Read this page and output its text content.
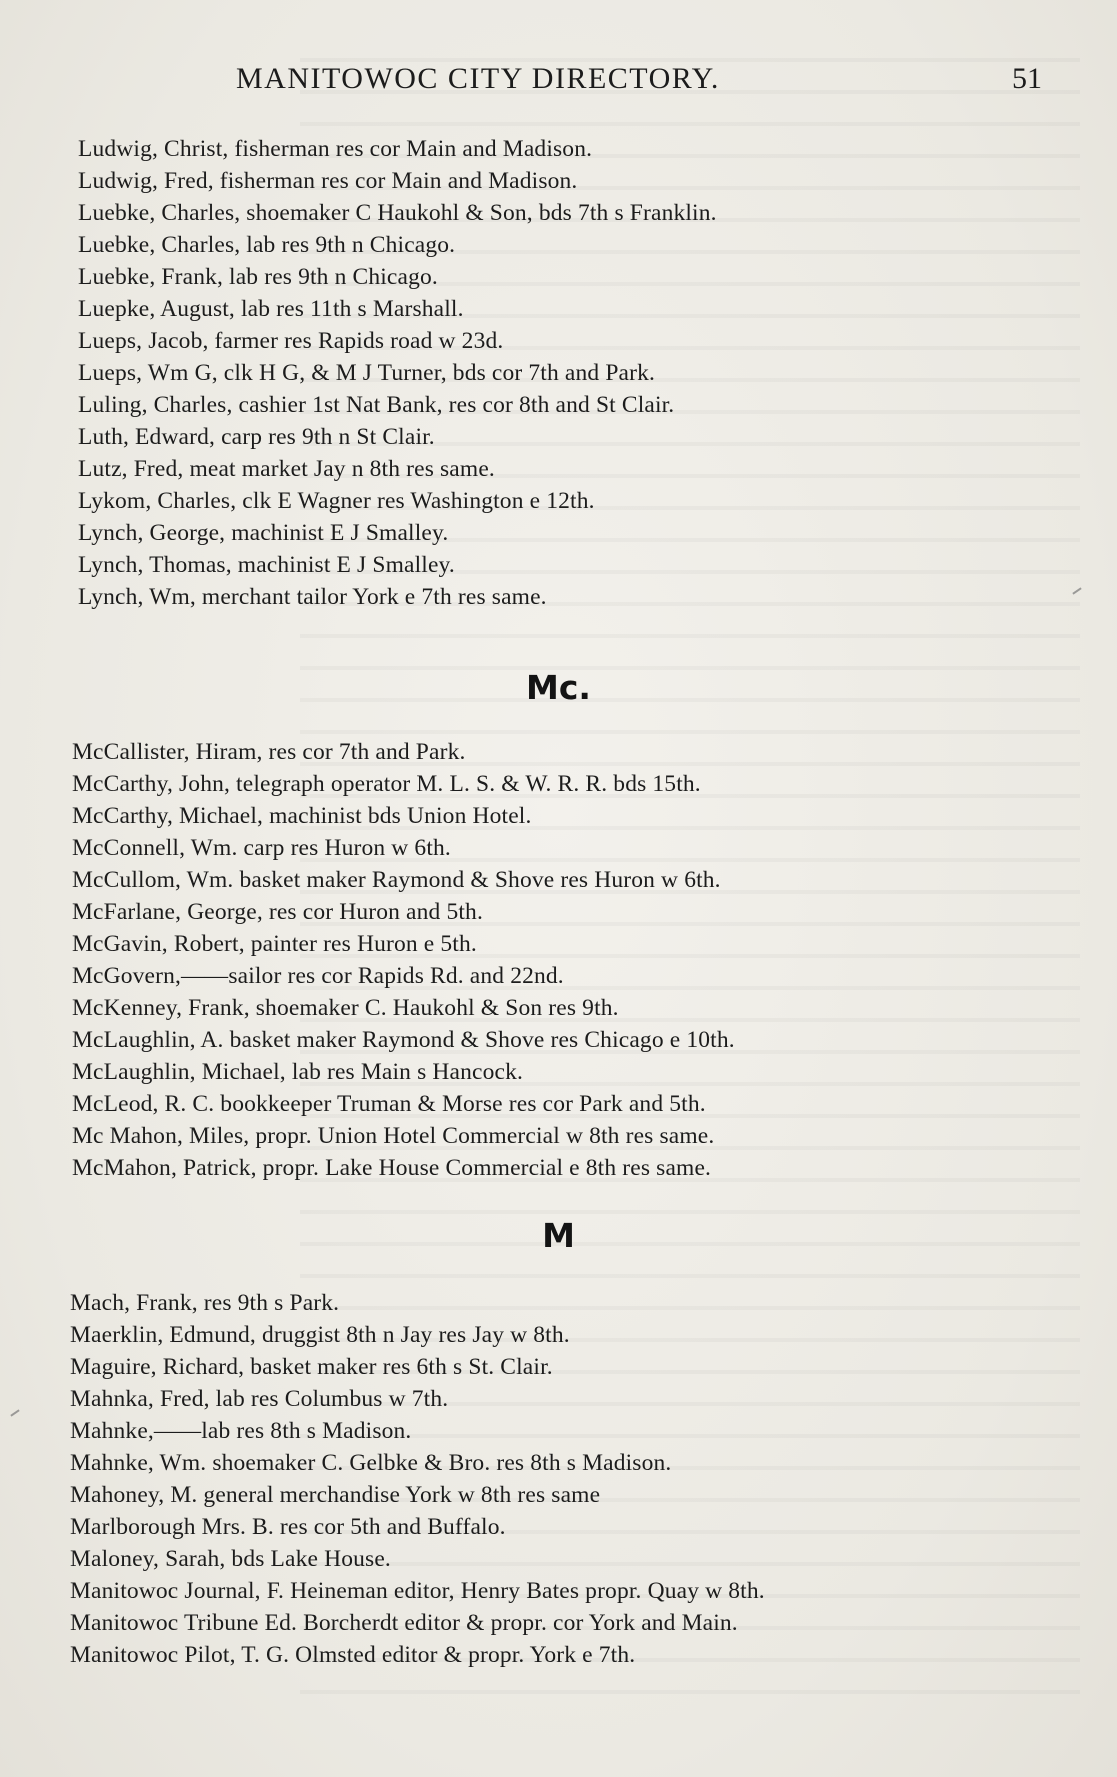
MANITOWOC CITY DIRECTORY.	51
Ludwig, Christ, fisherman res cor Main and Madison.
Ludwig, Fred, fisherman res cor Main and Madison.
Luebke, Charles, shoemaker C Haukohl & Son, bds 7th s Franklin.
Luebke, Charles, lab res 9th n Chicago.
Luebke, Frank, lab res 9th n Chicago.
Luepke, August, lab res 11th s Marshall.
Lueps, Jacob, farmer res Rapids road w 23d.
Lueps, Wm G, clk H G, & M J Turner, bds cor 7th and Park.
Luling, Charles, cashier 1st Nat Bank, res cor 8th and St Clair.
Luth, Edward, carp res 9th n St Clair.
Lutz, Fred, meat market Jay n 8th res same.
Lykom, Charles, clk E Wagner res Washington e 12th.
Lynch, George, machinist E J Smalley.
Lynch, Thomas, machinist E J Smalley.
Lynch, Wm, merchant tailor York e 7th res same.
Mc.
McCallister, Hiram, res cor 7th and Park.
McCarthy, John, telegraph operator M. L. S. & W. R. R. bds 15th.
McCarthy, Michael, machinist bds Union Hotel.
McConnell, Wm. carp res Huron w 6th.
McCullom, Wm. basket maker Raymond & Shove res Huron w 6th.
McFarlane, George, res cor Huron and 5th.
McGavin, Robert, painter res Huron e 5th.
McGovern,——sailor res cor Rapids Rd. and 22nd.
McKenney, Frank, shoemaker C. Haukohl & Son res 9th.
McLaughlin, A. basket maker Raymond & Shove res Chicago e 10th.
McLaughlin, Michael, lab res Main s Hancock.
McLeod, R. C. bookkeeper Truman & Morse res cor Park and 5th.
Mc Mahon, Miles, propr. Union Hotel Commercial w 8th res same.
McMahon, Patrick, propr. Lake House Commercial e 8th res same.
M
Mach, Frank, res 9th s Park.
Maerklin, Edmund, druggist 8th n Jay res Jay w 8th.
Maguire, Richard, basket maker res 6th s St. Clair.
Mahnka, Fred, lab res Columbus w 7th.
Mahnke,——lab res 8th s Madison.
Mahnke, Wm. shoemaker C. Gelbke & Bro. res 8th s Madison.
Mahoney, M. general merchandise York w 8th res same
Marlborough Mrs. B. res cor 5th and Buffalo.
Maloney, Sarah, bds Lake House.
Manitowoc Journal, F. Heineman editor, Henry Bates propr. Quay w 8th.
Manitowoc Tribune Ed. Borcherdt editor & propr. cor York and Main.
Manitowoc Pilot, T. G. Olmsted editor & propr. York e 7th.
